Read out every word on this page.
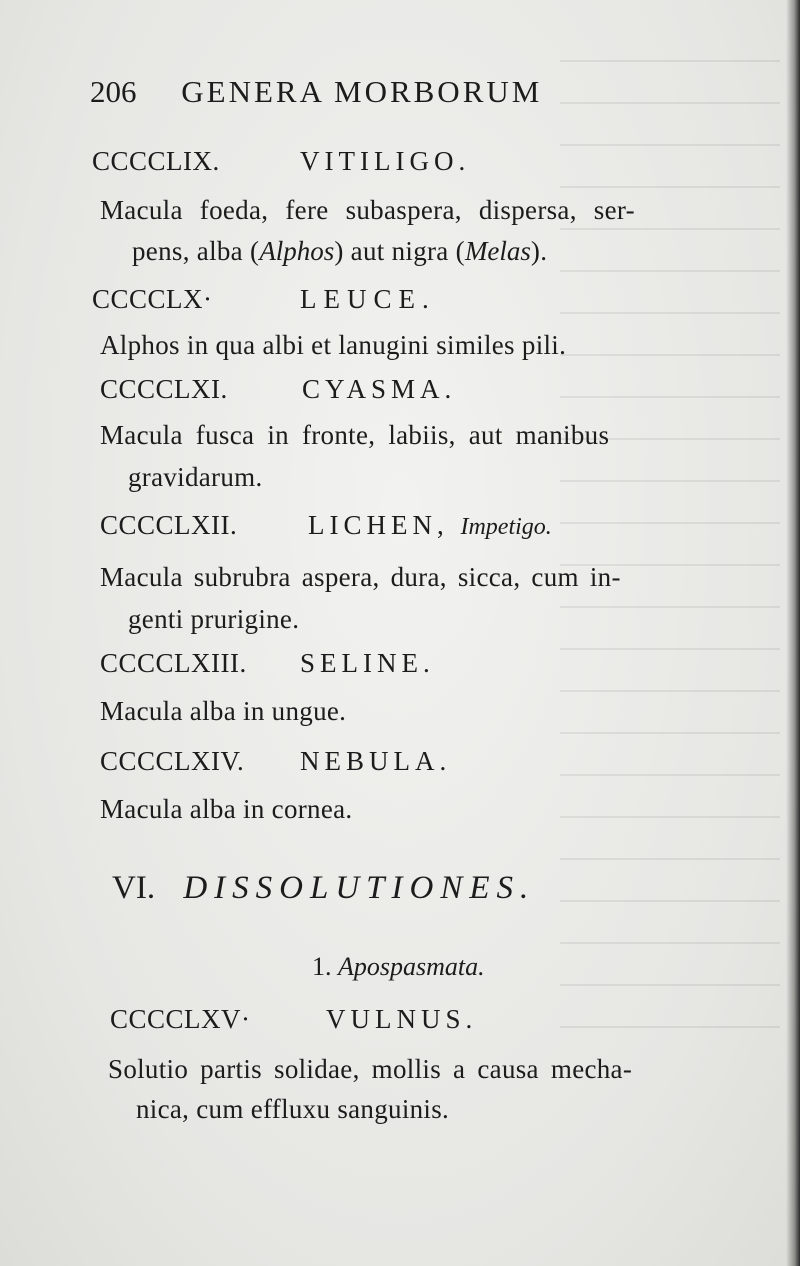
206 GENERA MORBORUM
CCCCLIX.	VITILIGO.
Macula foeda, fere subaspera, dispersa, ser-
pens, alba (Alphos) aut nigra (Melas).
CCCCLX·	LEUCE.
Alphos in qua albi et lanugini similes pili.
CCCCLXI.	CYASMA.
Macula fusca in fronte, labiis, aut manibus
gravidarum.
CCCCLXII.	LICHEN, Impetigo.
Macula subrubra aspera, dura, sicca, cum in-
genti prurigine.
CCCCLXIII. SELINE.
Macula alba in ungue.
CCCCLXIV. NEBULA.
Macula alba in cornea.
VI. DISSOLUTIONES.
1. Apospasmata.
CCCCLXV·	VULNUS.
Solutio partis solidae, mollis a causa mecha-
nica, cum effluxu sanguinis.
